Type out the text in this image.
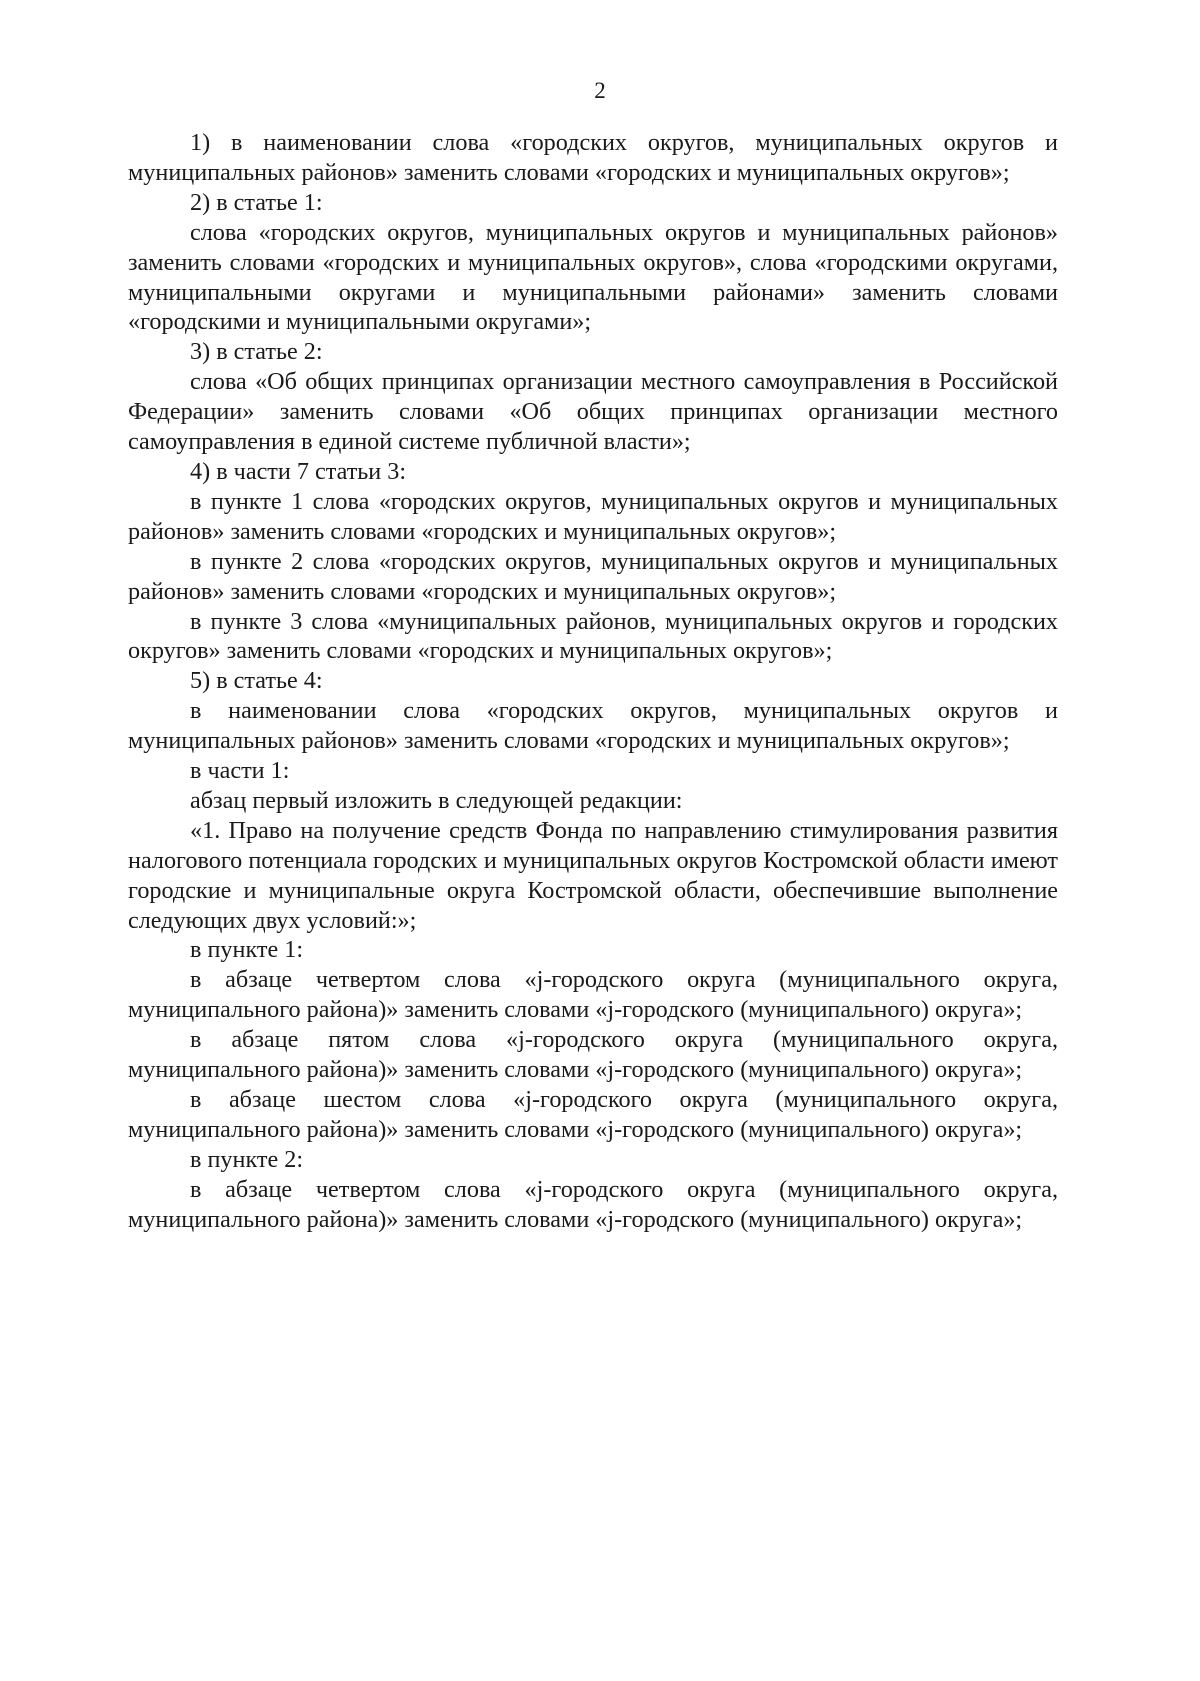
2

1) в наименовании слова «городских округов, муниципальных округов и муниципальных районов» заменить словами «городских и муниципальных округов»;

2) в статье 1:

слова «городских округов, муниципальных округов и муниципальных районов» заменить словами «городских и муниципальных округов», слова «городскими округами, муниципальными округами и муниципальными районами» заменить словами «городскими и муниципальными округами»;

3) в статье 2:

слова «Об общих принципах организации местного самоуправления в Российской Федерации» заменить словами «Об общих принципах организации местного самоуправления в единой системе публичной власти»;

4) в части 7 статьи 3:

в пункте 1 слова «городских округов, муниципальных округов и муниципальных районов» заменить словами «городских и муниципальных округов»;

в пункте 2 слова «городских округов, муниципальных округов и муниципальных районов» заменить словами «городских и муниципальных округов»;

в пункте 3 слова «муниципальных районов, муниципальных округов и городских округов» заменить словами «городских и муниципальных округов»;

5) в статье 4:

в наименовании слова «городских округов, муниципальных округов и муниципальных районов» заменить словами «городских и муниципальных округов»;

в части 1:

абзац первый изложить в следующей редакции:

«1. Право на получение средств Фонда по направлению стимулирования развития налогового потенциала городских и муниципальных округов Костромской области имеют городские и муниципальные округа Костромской области, обеспечившие выполнение следующих двух условий:»;

в пункте 1:

в абзаце четвертом слова «j-городского округа (муниципального округа, муниципального района)» заменить словами «j-городского (муниципального) округа»;

в абзаце пятом слова «j-городского округа (муниципального округа, муниципального района)» заменить словами «j-городского (муниципального) округа»;

в абзаце шестом слова «j-городского округа (муниципального округа, муниципального района)» заменить словами «j-городского (муниципального) округа»;

в пункте 2:

в абзаце четвертом слова «j-городского округа (муниципального округа, муниципального района)» заменить словами «j-городского (муниципального) округа»;
